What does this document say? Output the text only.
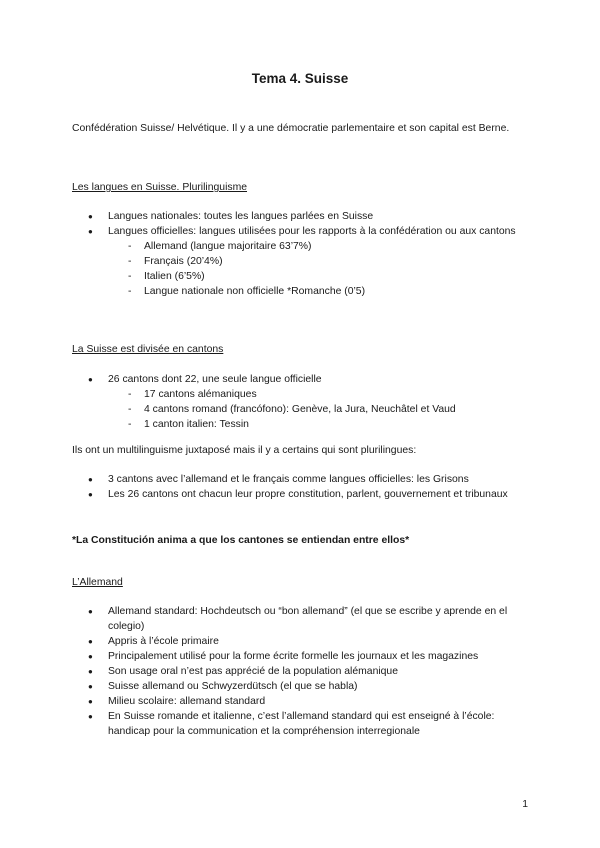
Tema 4. Suisse
Confédération Suisse/ Helvétique. Il y a une démocratie parlementaire et son capital est Berne.
Les langues en Suisse. Plurilinguisme
● Langues nationales: toutes les langues parlées en Suisse
● Langues officielles: langues utilisées pour les rapports à la confédération ou aux cantons
- Allemand (langue majoritaire 63’7%)
- Français (20’4%)
- Italien (6’5%)
- Langue nationale non officielle *Romanche (0’5)
La Suisse est divisée en cantons
● 26 cantons dont 22, une seule langue officielle
- 17 cantons alémaniques
- 4 cantons romand (francófono): Genève, la Jura, Neuchâtel et Vaud
- 1 canton italien: Tessin
Ils ont un multilinguisme juxtaposé mais il y a certains qui sont plurilingues:
● 3 cantons avec l’allemand et le français comme langues officielles: les Grisons
● Les 26 cantons ont chacun leur propre constitution, parlent, gouvernement et tribunaux
*La Constitución anima a que los cantones se entiendan entre ellos*
L’Allemand
● Allemand standard: Hochdeutsch ou “bon allemand” (el que se escribe y aprende en el colegio)
● Appris à l’école primaire
● Principalement utilisé pour la forme écrite formelle les journaux et les magazines
● Son usage oral n’est pas apprécié de la population alémanique
● Suisse allemand ou Schwyzerdütsch (el que se habla)
● Milieu scolaire: allemand standard
● En Suisse romande et italienne, c’est l’allemand standard qui est enseigné à l’école: handicap pour la communication et la compréhension interregionale
1
